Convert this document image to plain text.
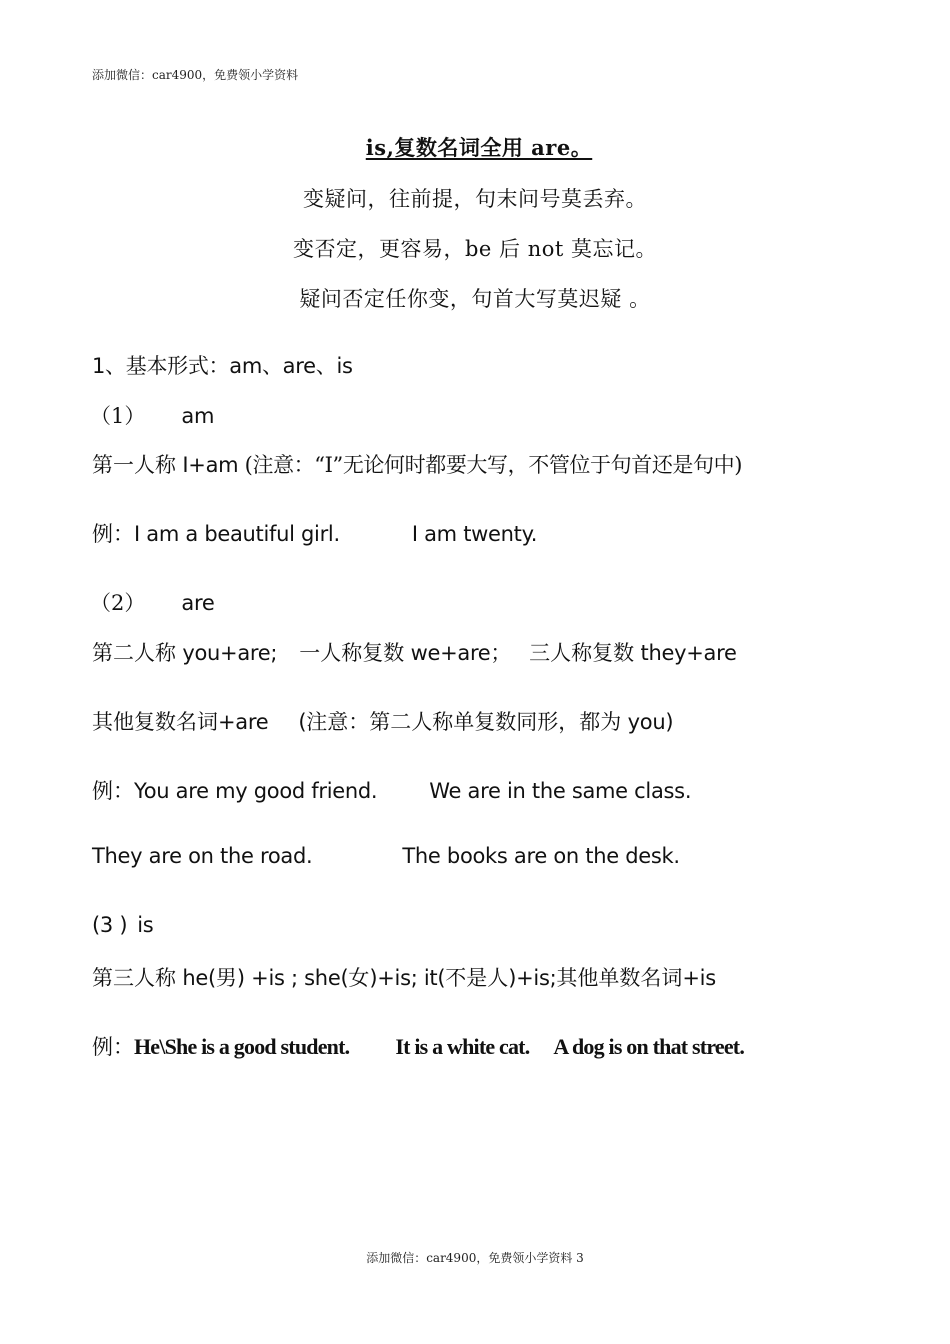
添加微信：car4900，免费领小学资料
is,复数名词全用 are。
变疑问，往前提，句末问号莫丢弃。
变否定，更容易，be 后 not 莫忘记。
疑问否定任你变，句首大写莫迟疑 。
1、基本形式：am、are、is
（1） am
第一人称 I+am (注意：“I”无论何时都要大写，不管位于句首还是句中)
例：I am a beautiful girl.	I am twenty.
（2） are
第二人称 you+are; 一人称复数 we+are； 三人称复数 they+are
其他复数名词+are (注意：第二人称单复数同形，都为 you)
例：You are my good friend. We are in the same class.
They are on the road.	The books are on the desk.
(3 ) is
第三人称 he(男) +is ; she(女)+is; it(不是人)+is;其他单数名词+is
例：He\She is a good student. It is a white cat. A dog is on that street.
添加微信：car4900，免费领小学资料 3
